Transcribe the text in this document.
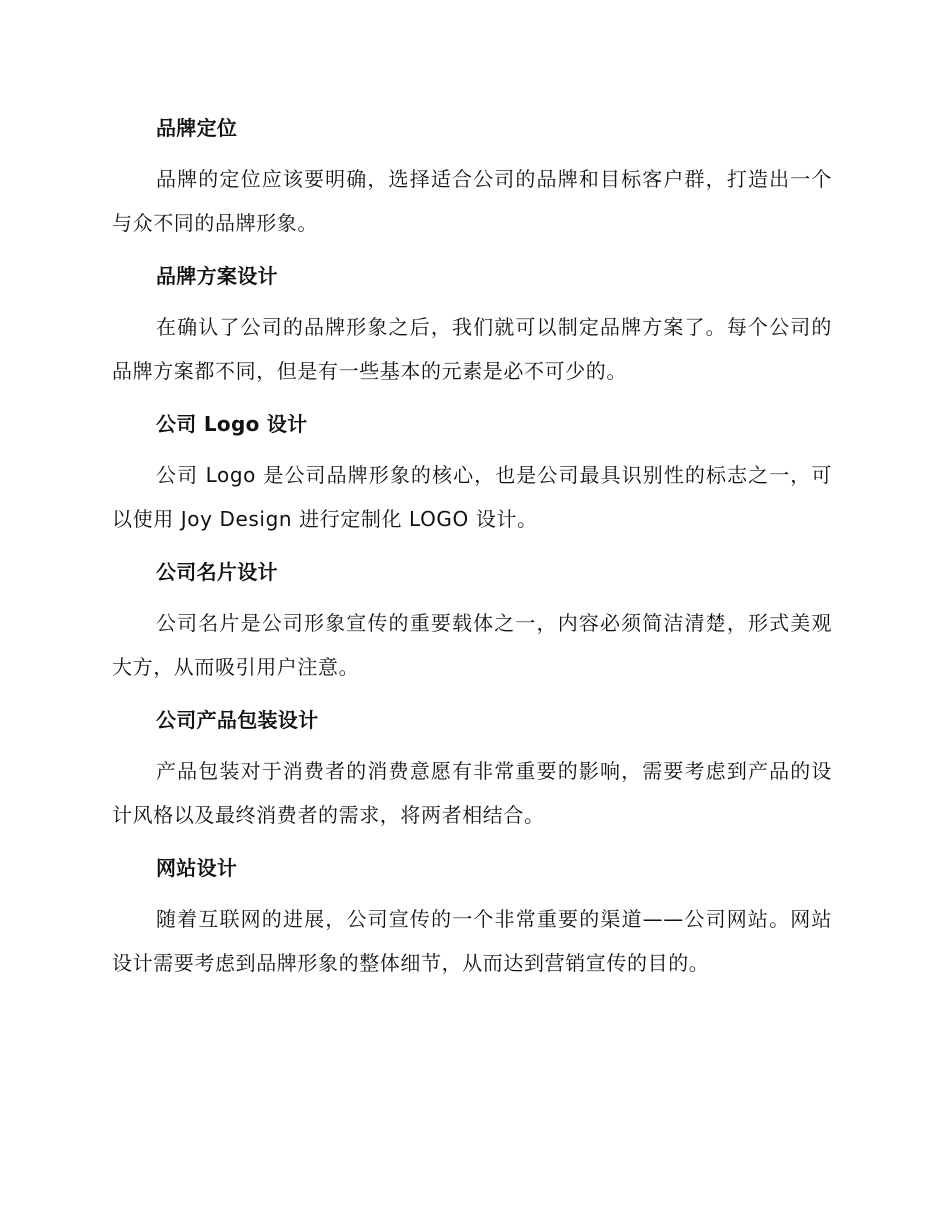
品牌定位

品牌的定位应该要明确，选择适合公司的品牌和目标客户群，打造出一个与众不同的品牌形象。

品牌方案设计

在确认了公司的品牌形象之后，我们就可以制定品牌方案了。每个公司的品牌方案都不同，但是有一些基本的元素是必不可少的。

公司 Logo 设计

公司 Logo 是公司品牌形象的核心，也是公司最具识别性的标志之一，可以使用 Joy Design 进行定制化 LOGO 设计。

公司名片设计

公司名片是公司形象宣传的重要载体之一，内容必须简洁清楚，形式美观大方，从而吸引用户注意。

公司产品包装设计

产品包装对于消费者的消费意愿有非常重要的影响，需要考虑到产品的设计风格以及最终消费者的需求，将两者相结合。

网站设计

随着互联网的进展，公司宣传的一个非常重要的渠道——公司网站。网站设计需要考虑到品牌形象的整体细节，从而达到营销宣传的目的。
